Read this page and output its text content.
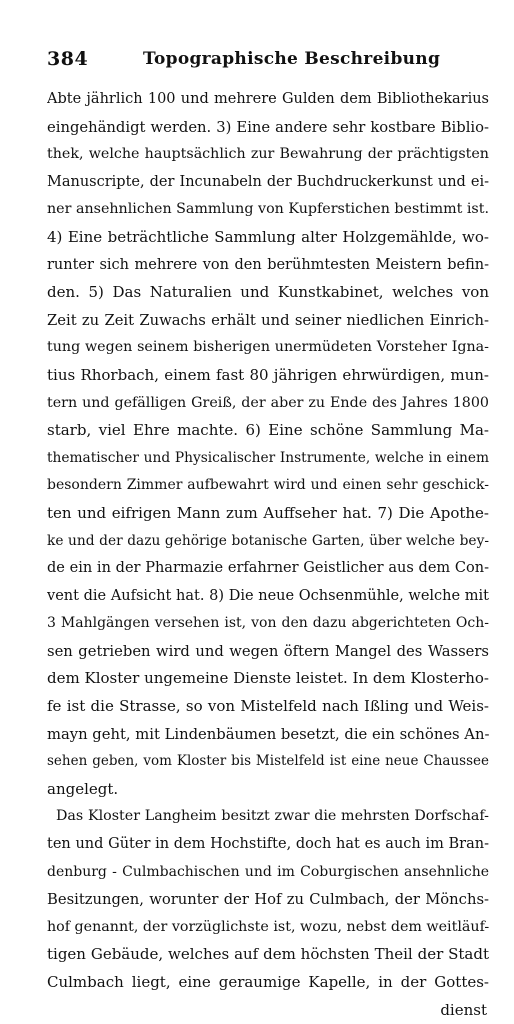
384	Topographische Beschreibung
Abte jährlich 100 und mehrere Gulden dem Bibliothekarius
eingehändigt werden. 3) Eine andere sehr kostbare Biblio-
thek, welche hauptsächlich zur Bewahrung der prächtigsten
Manuscripte, der Incunabeln der Buchdruckerkunst und ei-
ner ansehnlichen Sammlung von Kupferstichen bestimmt ist.
4) Eine beträchtliche Sammlung alter Holzgemählde, wo-
runter sich mehrere von den berühmtesten Meistern befin-
den. 5) Das Naturalien und Kunstkabinet, welches von
Zeit zu Zeit Zuwachs erhält und seiner niedlichen Einrich-
tung wegen seinem bisherigen unermüdeten Vorsteher Ignа-
tius Rhorbach, einem fast 80 jährigen ehrwürdigen, mun-
tern und gefälligen Greiß, der aber zu Ende des Jahres 1800
starb, viel Ehre machte. 6) Eine schöne Sammlung Ma-
thematischer und Physicalischer Instrumente, welche in einem
besondern Zimmer aufbewahrt wird und einen sehr geschick-
ten und eifrigen Mann zum Auffseher hat. 7) Die Apothe-
ke und der dazu gehörige botanische Garten, über welche bey-
de ein in der Pharmazie erfahrner Geistlicher aus dem Con-
vent die Aufsicht hat. 8) Die neue Ochsenmühle, welche mit
3 Mahlgängen versehen ist, von den dazu abgerichteten Och-
sen getrieben wird und wegen öftern Mangel des Wassers
dem Kloster ungemeine Dienste leistet. In dem Klosterho-
fe ist die Strasse, so von Mistelfeld nach Ißling und Weis-
mayn geht, mit Lindenbäumen besetzt, die ein schönes An-
sehen geben, vom Kloster bis Mistelfeld ist eine neue Chaussee
angelegt.
Das Kloster Langheim besitzt zwar die mehrsten Dorfschaf-
ten und Güter in dem Hochstifte, doch hat es auch im Bran-
denburg - Culmbachischen und im Coburgischen ansehnliche
Besitzungen, worunter der Hof zu Culmbach, der Mönchs-
hof genannt, der vorzüglichste ist, wozu, nebst dem weitläuf-
tigen Gebäude, welches auf dem höchsten Theil der Stadt
Culmbach liegt, eine geraumige Kapelle, in der Gottes-
dienst
